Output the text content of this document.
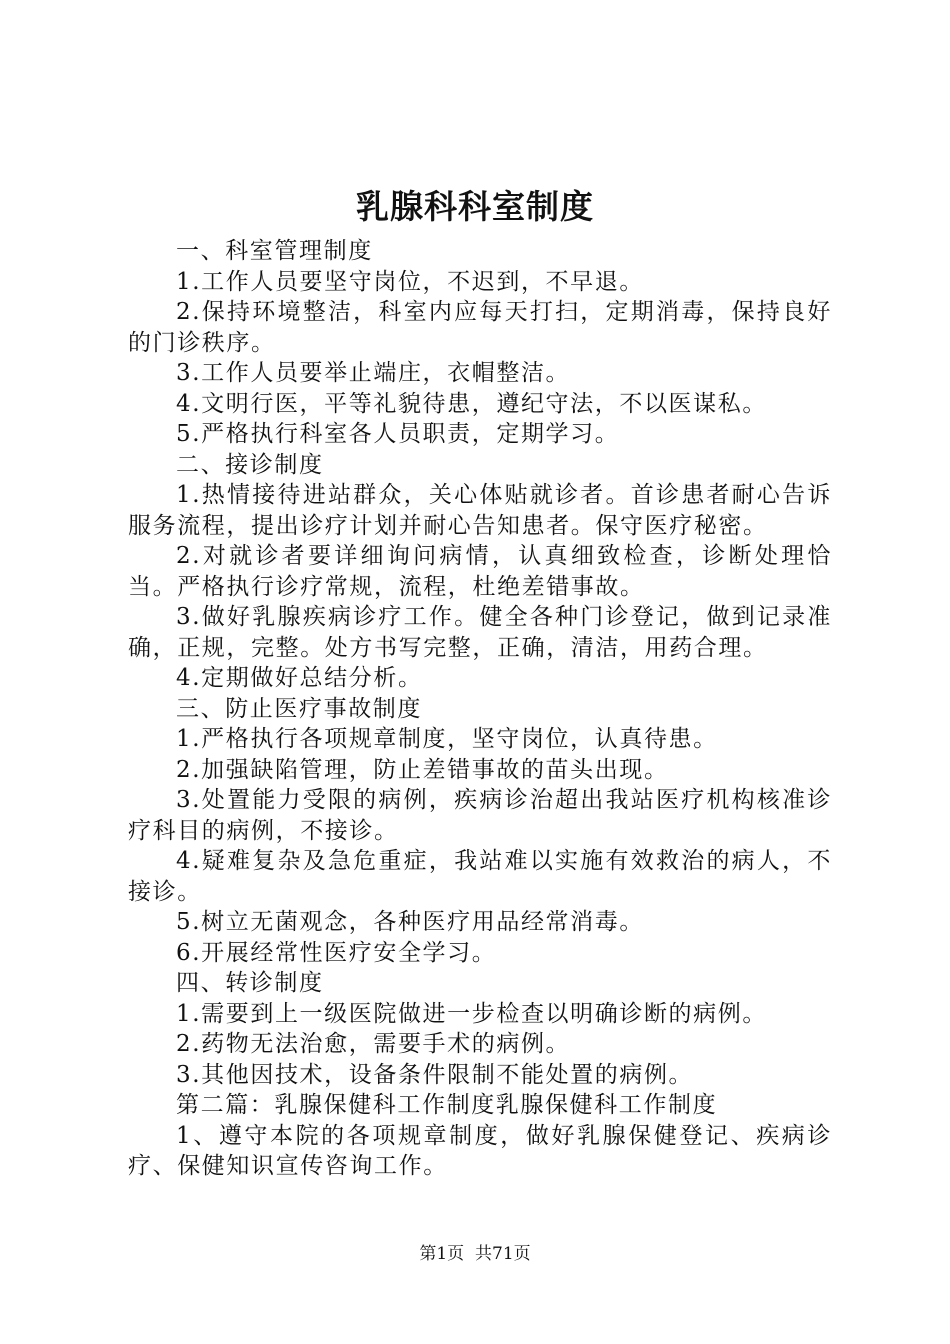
乳腺科科室制度

一、科室管理制度

1.工作人员要坚守岗位，不迟到，不早退。

2.保持环境整洁，科室内应每天打扫，定期消毒，保持良好的门诊秩序。

3.工作人员要举止端庄，衣帽整洁。

4.文明行医，平等礼貌待患，遵纪守法，不以医谋私。

5.严格执行科室各人员职责，定期学习。

二、接诊制度

1.热情接待进站群众，关心体贴就诊者。首诊患者耐心告诉服务流程，提出诊疗计划并耐心告知患者。保守医疗秘密。

2.对就诊者要详细询问病情，认真细致检查，诊断处理恰当。严格执行诊疗常规，流程，杜绝差错事故。

3.做好乳腺疾病诊疗工作。健全各种门诊登记，做到记录准确，正规，完整。处方书写完整，正确，清洁，用药合理。

4.定期做好总结分析。

三、防止医疗事故制度

1.严格执行各项规章制度，坚守岗位，认真待患。

2.加强缺陷管理，防止差错事故的苗头出现。

3.处置能力受限的病例，疾病诊治超出我站医疗机构核准诊疗科目的病例，不接诊。

4.疑难复杂及急危重症，我站难以实施有效救治的病人，不接诊。

5.树立无菌观念，各种医疗用品经常消毒。

6.开展经常性医疗安全学习。

四、转诊制度

1.需要到上一级医院做进一步检查以明确诊断的病例。

2.药物无法治愈，需要手术的病例。

3.其他因技术，设备条件限制不能处置的病例。

第二篇：乳腺保健科工作制度乳腺保健科工作制度

1、遵守本院的各项规章制度，做好乳腺保健登记、疾病诊疗、保健知识宣传咨询工作。

第1页 共71页
